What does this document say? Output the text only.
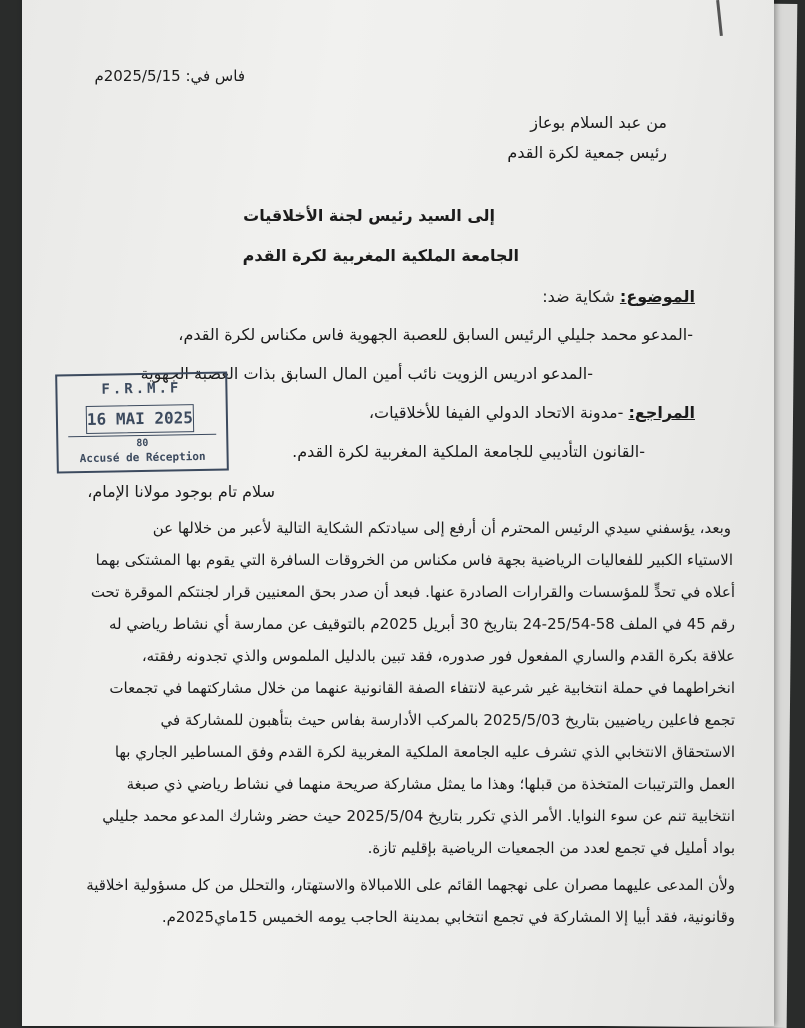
فاس في: 2025/5/15م
من عبد السلام بوعاز
رئيس جمعية لكرة القدم
إلى السيد رئيس لجنة الأخلاقيات
الجامعة الملكية المغربية لكرة القدم
الموضوع: شكاية ضد:
-المدعو محمد جليلي الرئيس السابق للعصبة الجهوية فاس مكناس لكرة القدم،
-المدعو ادريس الزويت نائب أمين المال السابق بذات العصبة الجهوية
المراجع: -مدونة الاتحاد الدولي الفيفا للأخلاقيات،
-القانون التأديبي للجامعة الملكية المغربية لكرة القدم.
F.R.M.F
16 MAI 2025
80
Accusé de Réception
سلام تام بوجود مولانا الإمام،
وبعد، يؤسفني سيدي الرئيس المحترم أن أرفع إلى سيادتكم الشكاية التالية لأعبر من خلالها عن
الاستياء الكبير للفعاليات الرياضية بجهة فاس مكناس من الخروقات السافرة التي يقوم بها المشتكى بهما
أعلاه في تحدٍّ للمؤسسات والقرارات الصادرة عنها. فبعد أن صدر بحق المعنيين قرار لجنتكم الموقرة تحت
رقم 45 في الملف 58-25/54-24 بتاريخ 30 أبريل 2025م بالتوقيف عن ممارسة أي نشاط رياضي له
علاقة بكرة القدم والساري المفعول فور صدوره، فقد تبين بالدليل الملموس والذي تجدونه رفقته،
انخراطهما في حملة انتخابية غير شرعية لانتفاء الصفة القانونية عنهما من خلال مشاركتهما في تجمعات
تجمع فاعلين رياضيين بتاريخ 2025/5/03 بالمركب الأدارسة بفاس حيث بتأهبون للمشاركة في
الاستحقاق الانتخابي الذي تشرف عليه الجامعة الملكية المغربية لكرة القدم وفق المساطير الجاري بها
العمل والترتيبات المتخذة من قبلها؛ وهذا ما يمثل مشاركة صريحة منهما في نشاط رياضي ذي صبغة
انتخابية تنم عن سوء النوايا. الأمر الذي تكرر بتاريخ 2025/5/04 حيث حضر وشارك المدعو محمد جليلي
بواد أمليل في تجمع لعدد من الجمعيات الرياضية بإقليم تازة.
ولأن المدعى عليهما مصران على نهجهما القائم على اللامبالاة والاستهتار، والتحلل من كل مسؤولية اخلاقية
وقانونية، فقد أبيا إلا المشاركة في تجمع انتخابي بمدينة الحاجب يومه الخميس 15ماي2025م.
